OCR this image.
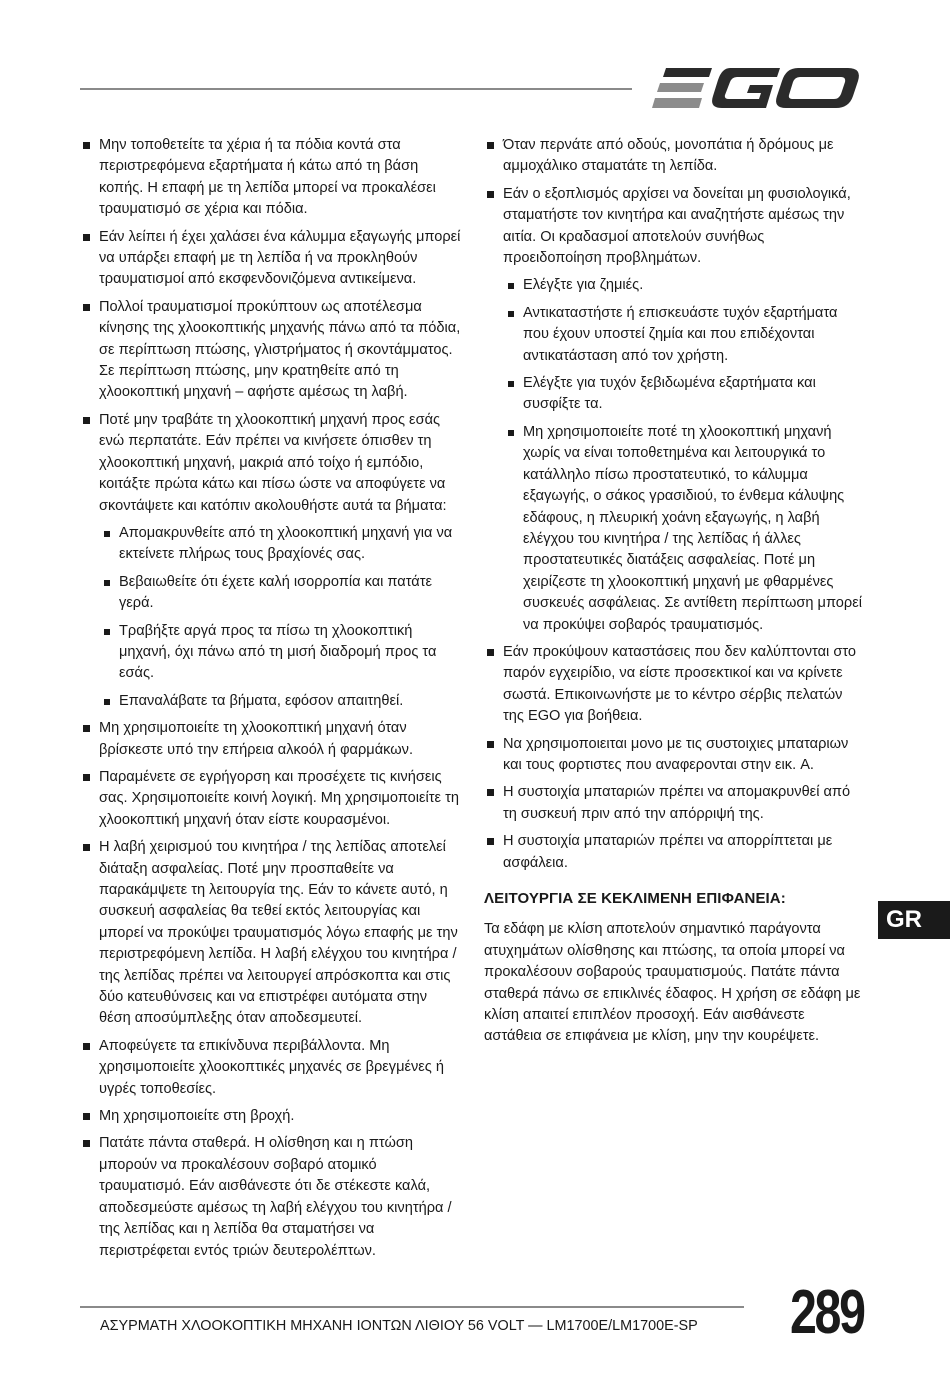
Μην τοποθετείτε τα χέρια ή τα πόδια κοντά στα περιστρεφόμενα εξαρτήματα ή κάτω από τη βάση κοπής. Η επαφή με τη λεπίδα μπορεί να προκαλέσει τραυματισμό σε χέρια και πόδια.
Εάν λείπει ή έχει χαλάσει ένα κάλυμμα εξαγωγής μπορεί να υπάρξει επαφή με τη λεπίδα ή να προκληθούν τραυματισμοί από εκσφενδονιζόμενα αντικείμενα.
Πολλοί τραυματισμοί προκύπτουν ως αποτέλεσμα κίνησης της χλοοκοπτικής μηχανής πάνω από τα πόδια, σε περίπτωση πτώσης, γλιστρήματος ή σκοντάμματος. Σε περίπτωση πτώσης, μην κρατηθείτε από τη χλοοκοπτική μηχανή – αφήστε αμέσως τη λαβή.
Ποτέ μην τραβάτε τη χλοοκοπτική μηχανή προς εσάς ενώ περπατάτε. Εάν πρέπει να κινήσετε όπισθεν τη χλοοκοπτική μηχανή, μακριά από τοίχο ή εμπόδιο, κοιτάξτε πρώτα κάτω και πίσω ώστε να αποφύγετε να σκοντάψετε και κατόπιν ακολουθήστε αυτά τα βήματα:
Απομακρυνθείτε από τη χλοοκοπτική μηχανή για να εκτείνετε πλήρως τους βραχίονές σας.
Βεβαιωθείτε ότι έχετε καλή ισορροπία και πατάτε γερά.
Τραβήξτε αργά προς τα πίσω τη χλοοκοπτική μηχανή, όχι πάνω από τη μισή διαδρομή προς τα εσάς.
Επαναλάβατε τα βήματα, εφόσον απαιτηθεί.
Μη χρησιμοποιείτε τη χλοοκοπτική μηχανή όταν βρίσκεστε υπό την επήρεια αλκοόλ ή φαρμάκων.
Παραμένετε σε εγρήγορση και προσέχετε τις κινήσεις σας. Χρησιμοποιείτε κοινή λογική. Μη χρησιμοποιείτε τη χλοοκοπτική μηχανή όταν είστε κουρασμένοι.
Η λαβή χειρισμού του κινητήρα / της λεπίδας αποτελεί διάταξη ασφαλείας. Ποτέ μην προσπαθείτε να παρακάμψετε τη λειτουργία της. Εάν το κάνετε αυτό, η συσκευή ασφαλείας θα τεθεί εκτός λειτουργίας και μπορεί να προκύψει τραυματισμός λόγω επαφής με την περιστρεφόμενη λεπίδα. Η λαβή ελέγχου του κινητήρα / της λεπίδας πρέπει να λειτουργεί απρόσκοπτα και στις δύο κατευθύνσεις και να επιστρέφει αυτόματα στην θέση αποσύμπλεξης όταν αποδεσμευτεί.
Αποφεύγετε τα επικίνδυνα περιβάλλοντα. Μη χρησιμοποιείτε χλοοκοπτικές μηχανές σε βρεγμένες ή υγρές τοποθεσίες.
Μη χρησιμοποιείτε στη βροχή.
Πατάτε πάντα σταθερά. Η ολίσθηση και η πτώση μπορούν να προκαλέσουν σοβαρό ατομικό τραυματισμό. Εάν αισθάνεστε ότι δε στέκεστε καλά, αποδεσμεύστε αμέσως τη λαβή ελέγχου του κινητήρα / της λεπίδας και η λεπίδα θα σταματήσει να περιστρέφεται εντός τριών δευτερολέπτων.
Όταν περνάτε από οδούς, μονοπάτια ή δρόμους με αμμοχάλικο σταματάτε τη λεπίδα.
Εάν ο εξοπλισμός αρχίσει να δονείται μη φυσιολογικά, σταματήστε τον κινητήρα και αναζητήστε αμέσως την αιτία. Οι κραδασμοί αποτελούν συνήθως προειδοποίηση προβλημάτων.
Ελέγξτε για ζημιές.
Αντικαταστήστε ή επισκευάστε τυχόν εξαρτήματα που έχουν υποστεί ζημία και που επιδέχονται αντικατάσταση από τον χρήστη.
Ελέγξτε για τυχόν ξεβιδωμένα εξαρτήματα και συσφίξτε τα.
Μη χρησιμοποιείτε ποτέ τη χλοοκοπτική μηχανή χωρίς να είναι τοποθετημένα και λειτουργικά το κατάλληλο πίσω προστατευτικό, το κάλυμμα εξαγωγής, ο σάκος γρασιδιού, το ένθεμα κάλυψης εδάφους, η πλευρική χοάνη εξαγωγής, η λαβή ελέγχου του κινητήρα / της λεπίδας ή άλλες προστατευτικές διατάξεις ασφαλείας. Ποτέ μη χειρίζεστε τη χλοοκοπτική μηχανή με φθαρμένες συσκευές ασφάλειας. Σε αντίθετη περίπτωση μπορεί να προκύψει σοβαρός τραυματισμός.
Εάν προκύψουν καταστάσεις που δεν καλύπτονται στο παρόν εγχειρίδιο, να είστε προσεκτικοί και να κρίνετε σωστά. Επικοινωνήστε με το κέντρο σέρβις πελατών της EGO για βοήθεια.
Να χρησιμοποιειται μονο με τις συστοιχιες μπαταριων και τους φορτιστες που αναφερονται στην εικ. A.
Η συστοιχία μπαταριών πρέπει να απομακρυνθεί από τη συσκευή πριν από την απόρριψή της.
Η συστοιχία μπαταριών πρέπει να απορρίπτεται με ασφάλεια.
ΛΕΙΤΟΥΡΓΙΑ ΣΕ ΚΕΚΛΙΜΕΝΗ ΕΠΙΦΑΝΕΙΑ:

Τα εδάφη με κλίση αποτελούν σημαντικό παράγοντα ατυχημάτων ολίσθησης και πτώσης, τα οποία μπορεί να προκαλέσουν σοβαρούς τραυματισμούς. Πατάτε πάντα σταθερά πάνω σε επικλινές έδαφος. Η χρήση σε εδάφη με κλίση απαιτεί επιπλέον προσοχή. Εάν αισθάνεστε αστάθεια σε επιφάνεια με κλίση, μην την κουρέψετε.

GR
ΑΣΥΡΜΑΤΗ ΧΛΟΟΚΟΠΤΙΚΗ ΜΗΧΑΝΗ ΙΟΝΤΩΝ ΛΙΘΙΟΥ 56 VOLT — LM1700E/LM1700E-SP 289
